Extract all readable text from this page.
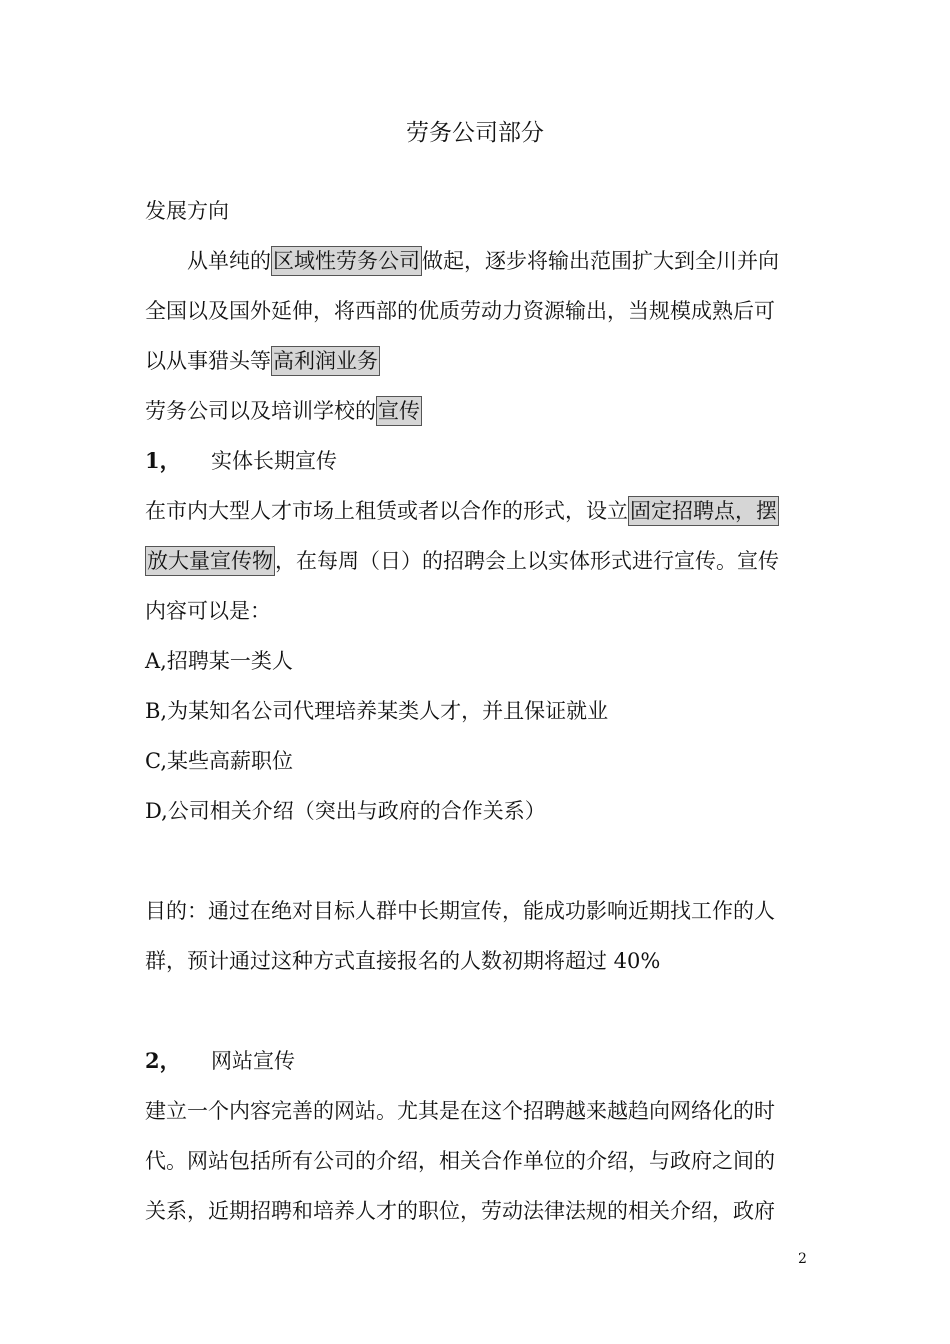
劳务公司部分
发展方向
从单纯的区域性劳务公司做起，逐步将输出范围扩大到全川并向
全国以及国外延伸，将西部的优质劳动力资源输出，当规模成熟后可
以从事猎头等高利润业务
劳务公司以及培训学校的宣传
1， 实体长期宣传
在市内大型人才市场上租赁或者以合作的形式，设立固定招聘点，摆
放大量宣传物，在每周（日）的招聘会上以实体形式进行宣传。宣传
内容可以是：
A,招聘某一类人
B,为某知名公司代理培养某类人才，并且保证就业
C,某些高薪职位
D,公司相关介绍（突出与政府的合作关系）
目的：通过在绝对目标人群中长期宣传，能成功影响近期找工作的人
群，预计通过这种方式直接报名的人数初期将超过 40%
2， 网站宣传
建立一个内容完善的网站。尤其是在这个招聘越来越趋向网络化的时
代。网站包括所有公司的介绍，相关合作单位的介绍，与政府之间的
关系，近期招聘和培养人才的职位，劳动法律法规的相关介绍，政府
2
